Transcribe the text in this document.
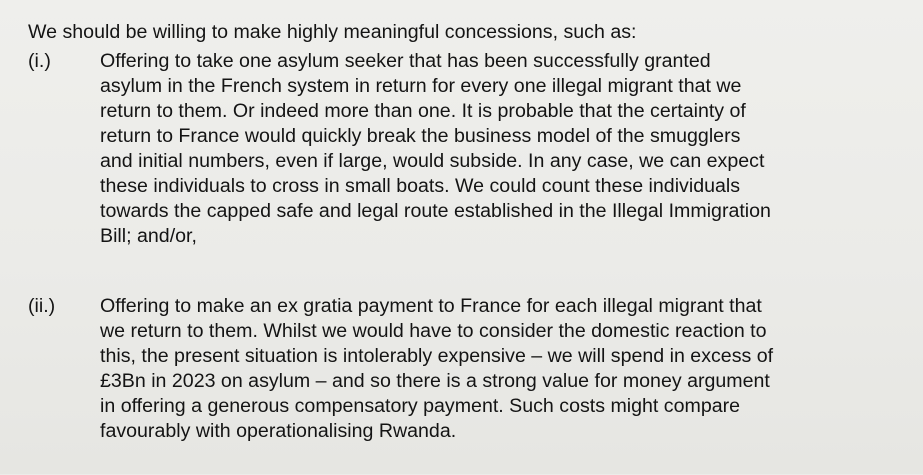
We should be willing to make highly meaningful concessions, such as:

(i.)	Offering to take one asylum seeker that has been successfully granted
asylum in the French system in return for every one illegal migrant that we
return to them. Or indeed more than one. It is probable that the certainty of
return to France would quickly break the business model of the smugglers
and initial numbers, even if large, would subside. In any case, we can expect
these individuals to cross in small boats. We could count these individuals
towards the capped safe and legal route established in the Illegal Immigration
Bill; and/or,
(ii.)	Offering to make an ex gratia payment to France for each illegal migrant that
we return to them. Whilst we would have to consider the domestic reaction to
this, the present situation is intolerably expensive – we will spend in excess of
£3Bn in 2023 on asylum – and so there is a strong value for money argument
in offering a generous compensatory payment. Such costs might compare
favourably with operationalising Rwanda.
